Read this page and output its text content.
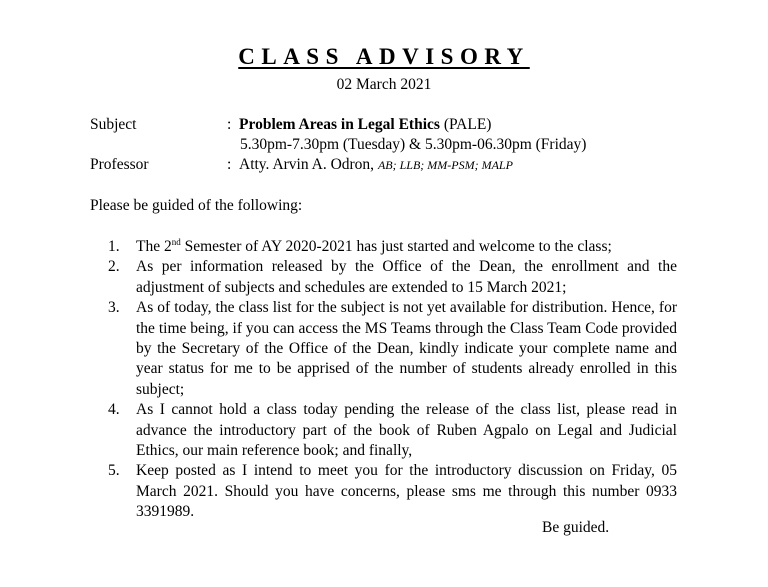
CLASS ADVISORY
02 March 2021
Subject	: Problem Areas in Legal Ethics (PALE)
5.30pm-7.30pm (Tuesday) & 5.30pm-06.30pm (Friday)
Professor	: Atty. Arvin A. Odron, AB; LLB; MM-PSM; MALP
Please be guided of the following:
1.	The 2nd Semester of AY 2020-2021 has just started and welcome to the class;
2.	As per information released by the Office of the Dean, the enrollment and the adjustment of subjects and schedules are extended to 15 March 2021;
3.	As of today, the class list for the subject is not yet available for distribution. Hence, for the time being, if you can access the MS Teams through the Class Team Code provided by the Secretary of the Office of the Dean, kindly indicate your complete name and year status for me to be apprised of the number of students already enrolled in this subject;
4.	As I cannot hold a class today pending the release of the class list, please read in advance the introductory part of the book of Ruben Agpalo on Legal and Judicial Ethics, our main reference book; and finally,
5.	Keep posted as I intend to meet you for the introductory discussion on Friday, 05 March 2021. Should you have concerns, please sms me through this number 0933 3391989.
Be guided.
